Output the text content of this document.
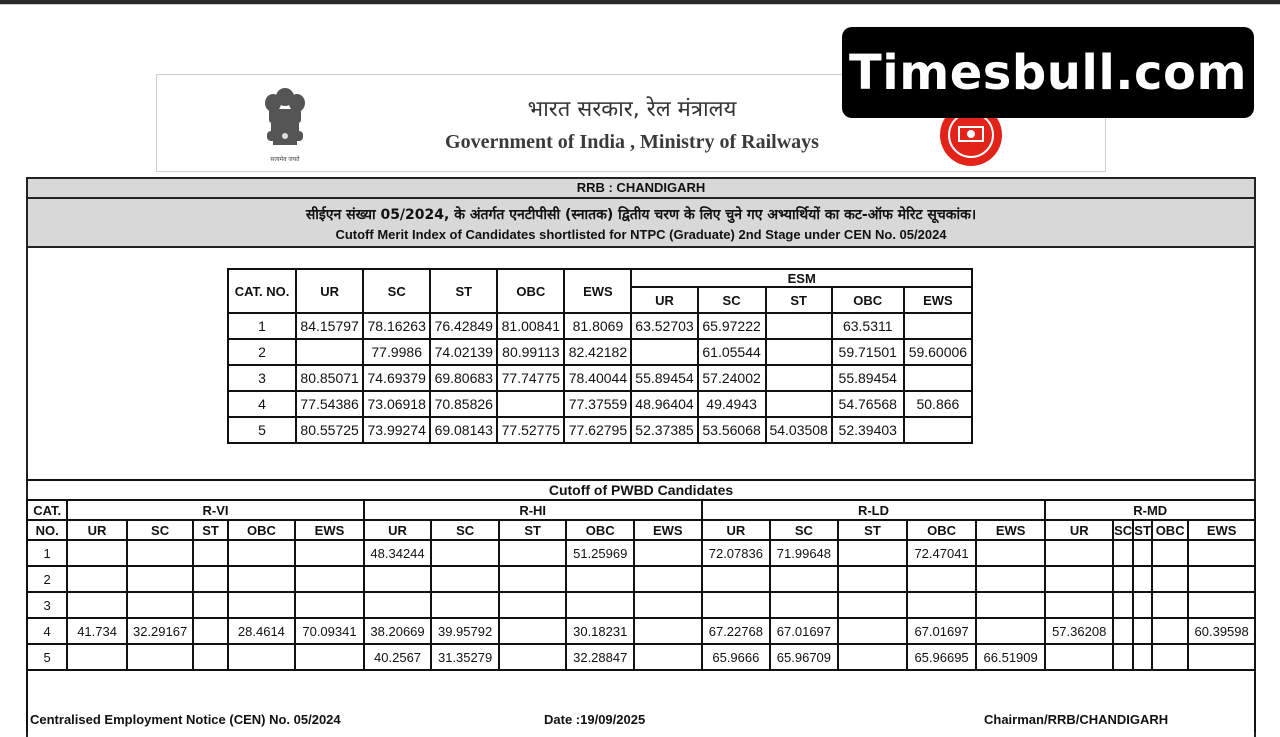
सत्यमेव जयते
भारत सरकार, रेल मंत्रालय
Government of India , Ministry of Railways
Timesbull.com
RRB : CHANDIGARH
सीईएन संख्या 05/2024, के अंतर्गत एनटीपीसी (स्नातक) द्वितीय चरण के लिए चुने गए अभ्यार्थियों का कट-ऑफ मेरिट सूचकांक।
Cutoff Merit Index of Candidates shortlisted for NTPC (Graduate) 2nd Stage under CEN No. 05/2024
CAT. NO.	UR	SC	ST	OBC	EWS	ESM				
						UR	SC	ST	OBC	EWS
1	84.15797	78.16263	76.42849	81.00841	81.8069	63.52703	65.97222		63.5311	
2		77.9986	74.02139	80.99113	82.42182		61.05544		59.71501	59.60006
3	80.85071	74.69379	69.80683	77.74775	78.40044	55.89454	57.24002		55.89454	
4	77.54386	73.06918	70.85826		77.37559	48.96404	49.4943		54.76568	50.866
5	80.55725	73.99274	69.08143	77.52775	77.62795	52.37385	53.56068	54.03508	52.39403	
Cutoff of PWBD Candidates
CAT.	R-VI					R-HI					R-LD					R-MD				
NO.	UR	SC	ST	OBC	EWS	UR	SC	ST	OBC	EWS	UR	SC	ST	OBC	EWS	UR	SC	ST	OBC	EWS
1						48.34244			51.25969		72.07836	71.99648		72.47041						
2																				
3																				
4	41.734	32.29167		28.4614	70.09341	38.20669	39.95792		30.18231		67.22768	67.01697		67.01697		57.36208				60.39598
5						40.2567	31.35279		32.28847		65.9666	65.96709		65.96695	66.51909					
Centralised Employment Notice (CEN) No. 05/2024	Date :19/09/2025	Chairman/RRB/CHANDIGARH
